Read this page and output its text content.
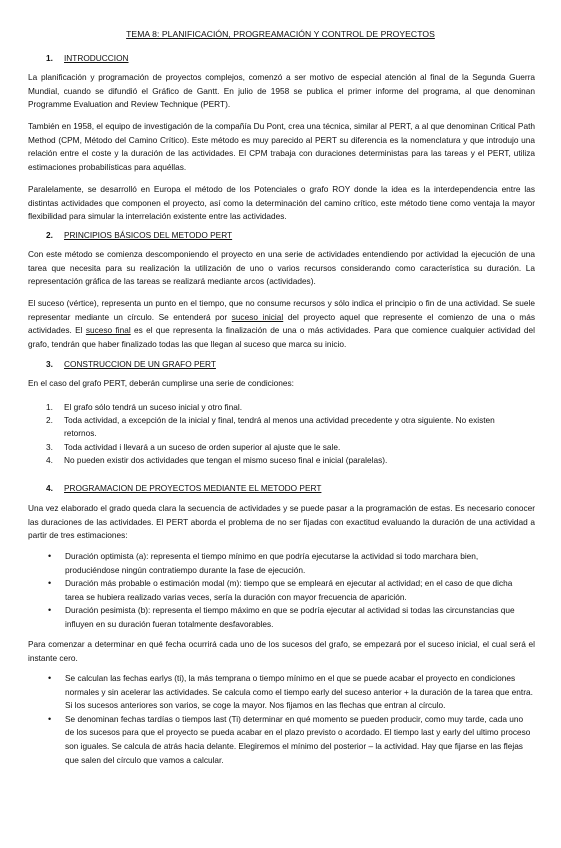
TEMA 8: PLANIFICACIÓN, PROGREAMACIÓN Y CONTROL DE PROYECTOS
1. INTRODUCCION

La planificación y programación de proyectos complejos, comenzó a ser motivo de especial atención al final de la Segunda Guerra Mundial, cuando se difundió el Gráfico de Gantt. En julio de 1958 se publica el primer informe del programa, al que denominan Programme Evaluation and Review Technique (PERT).

También en 1958, el equipo de investigación de la compañía Du Pont, crea una técnica, similar al PERT, a al que denominan Critical Path Method (CPM, Método del Camino Crítico). Este método es muy parecido al PERT su diferencia es la nomenclatura y que introdujo una relación entre el coste y la duración de las actividades. El CPM trabaja con duraciones deterministas para las tareas y el PERT, utiliza estimaciones probabilísticas para aquéllas.

Paralelamente, se desarrolló en Europa el método de los Potenciales o grafo ROY donde la idea es la interdependencia entre las distintas actividades que componen el proyecto, así como la determinación del camino crítico, este método tiene como ventaja la mayor flexibilidad para simular la interrelación existente entre las actividades.

2. PRINCIPIOS BÁSICOS DEL METODO PERT

Con este método se comienza descomponiendo el proyecto en una serie de actividades entendiendo por actividad la ejecución de una tarea que necesita para su realización la utilización de uno o varios recursos considerando como característica su duración. La representación gráfica de las tareas se realizará mediante arcos (actividades).

El suceso (vértice), representa un punto en el tiempo, que no consume recursos y sólo indica el principio o fin de una actividad. Se suele representar mediante un círculo. Se entenderá por suceso inicial del proyecto aquel que represente el comienzo de una o más actividades. El suceso final es el que representa la finalización de una o más actividades. Para que comience cualquier actividad del grafo, tendrán que haber finalizado todas las que llegan al suceso que marca su inicio.

3. CONSTRUCCION DE UN GRAFO PERT

En el caso del grafo PERT, deberán cumplirse una serie de condiciones:

1. El grafo sólo tendrá un suceso inicial y otro final.
2. Toda actividad, a excepción de la inicial y final, tendrá al menos una actividad precedente y otra siguiente. No existen retornos.
3. Toda actividad i llevará a un suceso de orden superior al ajuste que le sale.
4. No pueden existir dos actividades que tengan el mismo suceso final e inicial (paralelas).
4. PROGRAMACION DE PROYECTOS MEDIANTE EL METODO PERT

Una vez elaborado el grado queda clara la secuencia de actividades y se puede pasar a la programación de estas. Es necesario conocer las duraciones de las actividades. El PERT aborda el problema de no ser fijadas con exactitud evaluando la duración de una actividad a partir de tres estimaciones:

• Duración optimista (a): representa el tiempo mínimo en que podría ejecutarse la actividad si todo marchara bien, produciéndose ningún contratiempo durante la fase de ejecución.
• Duración más probable o estimación modal (m): tiempo que se empleará en ejecutar al actividad; en el caso de que dicha tarea se hubiera realizado varias veces, sería la duración con mayor frecuencia de aparición.
• Duración pesimista (b): representa el tiempo máximo en que se podría ejecutar al actividad si todas las circunstancias que influyen en su duración fueran totalmente desfavorables.

Para comenzar a determinar en qué fecha ocurrirá cada uno de los sucesos del grafo, se empezará por el suceso inicial, el cual será el instante cero.

• Se calculan las fechas earlys (ti), la más temprana o tiempo mínimo en el que se puede acabar el proyecto en condiciones normales y sin acelerar las actividades. Se calcula como el tiempo early del suceso anterior + la duración de la tarea que entra. Si los sucesos anteriores son varios, se coge la mayor. Nos fijamos en las flechas que entran al círculo.
• Se denominan fechas tardías o tiempos last (Ti) determinar en qué momento se pueden producir, como muy tarde, cada uno de los sucesos para que el proyecto se pueda acabar en el plazo previsto o acordado. El tiempo last y early del ultimo proceso son iguales. Se calcula de atrás hacia delante. Elegiremos el mínimo del posterior – la actividad. Hay que fijarse en las flejas que salen del círculo que vamos a calcular.
